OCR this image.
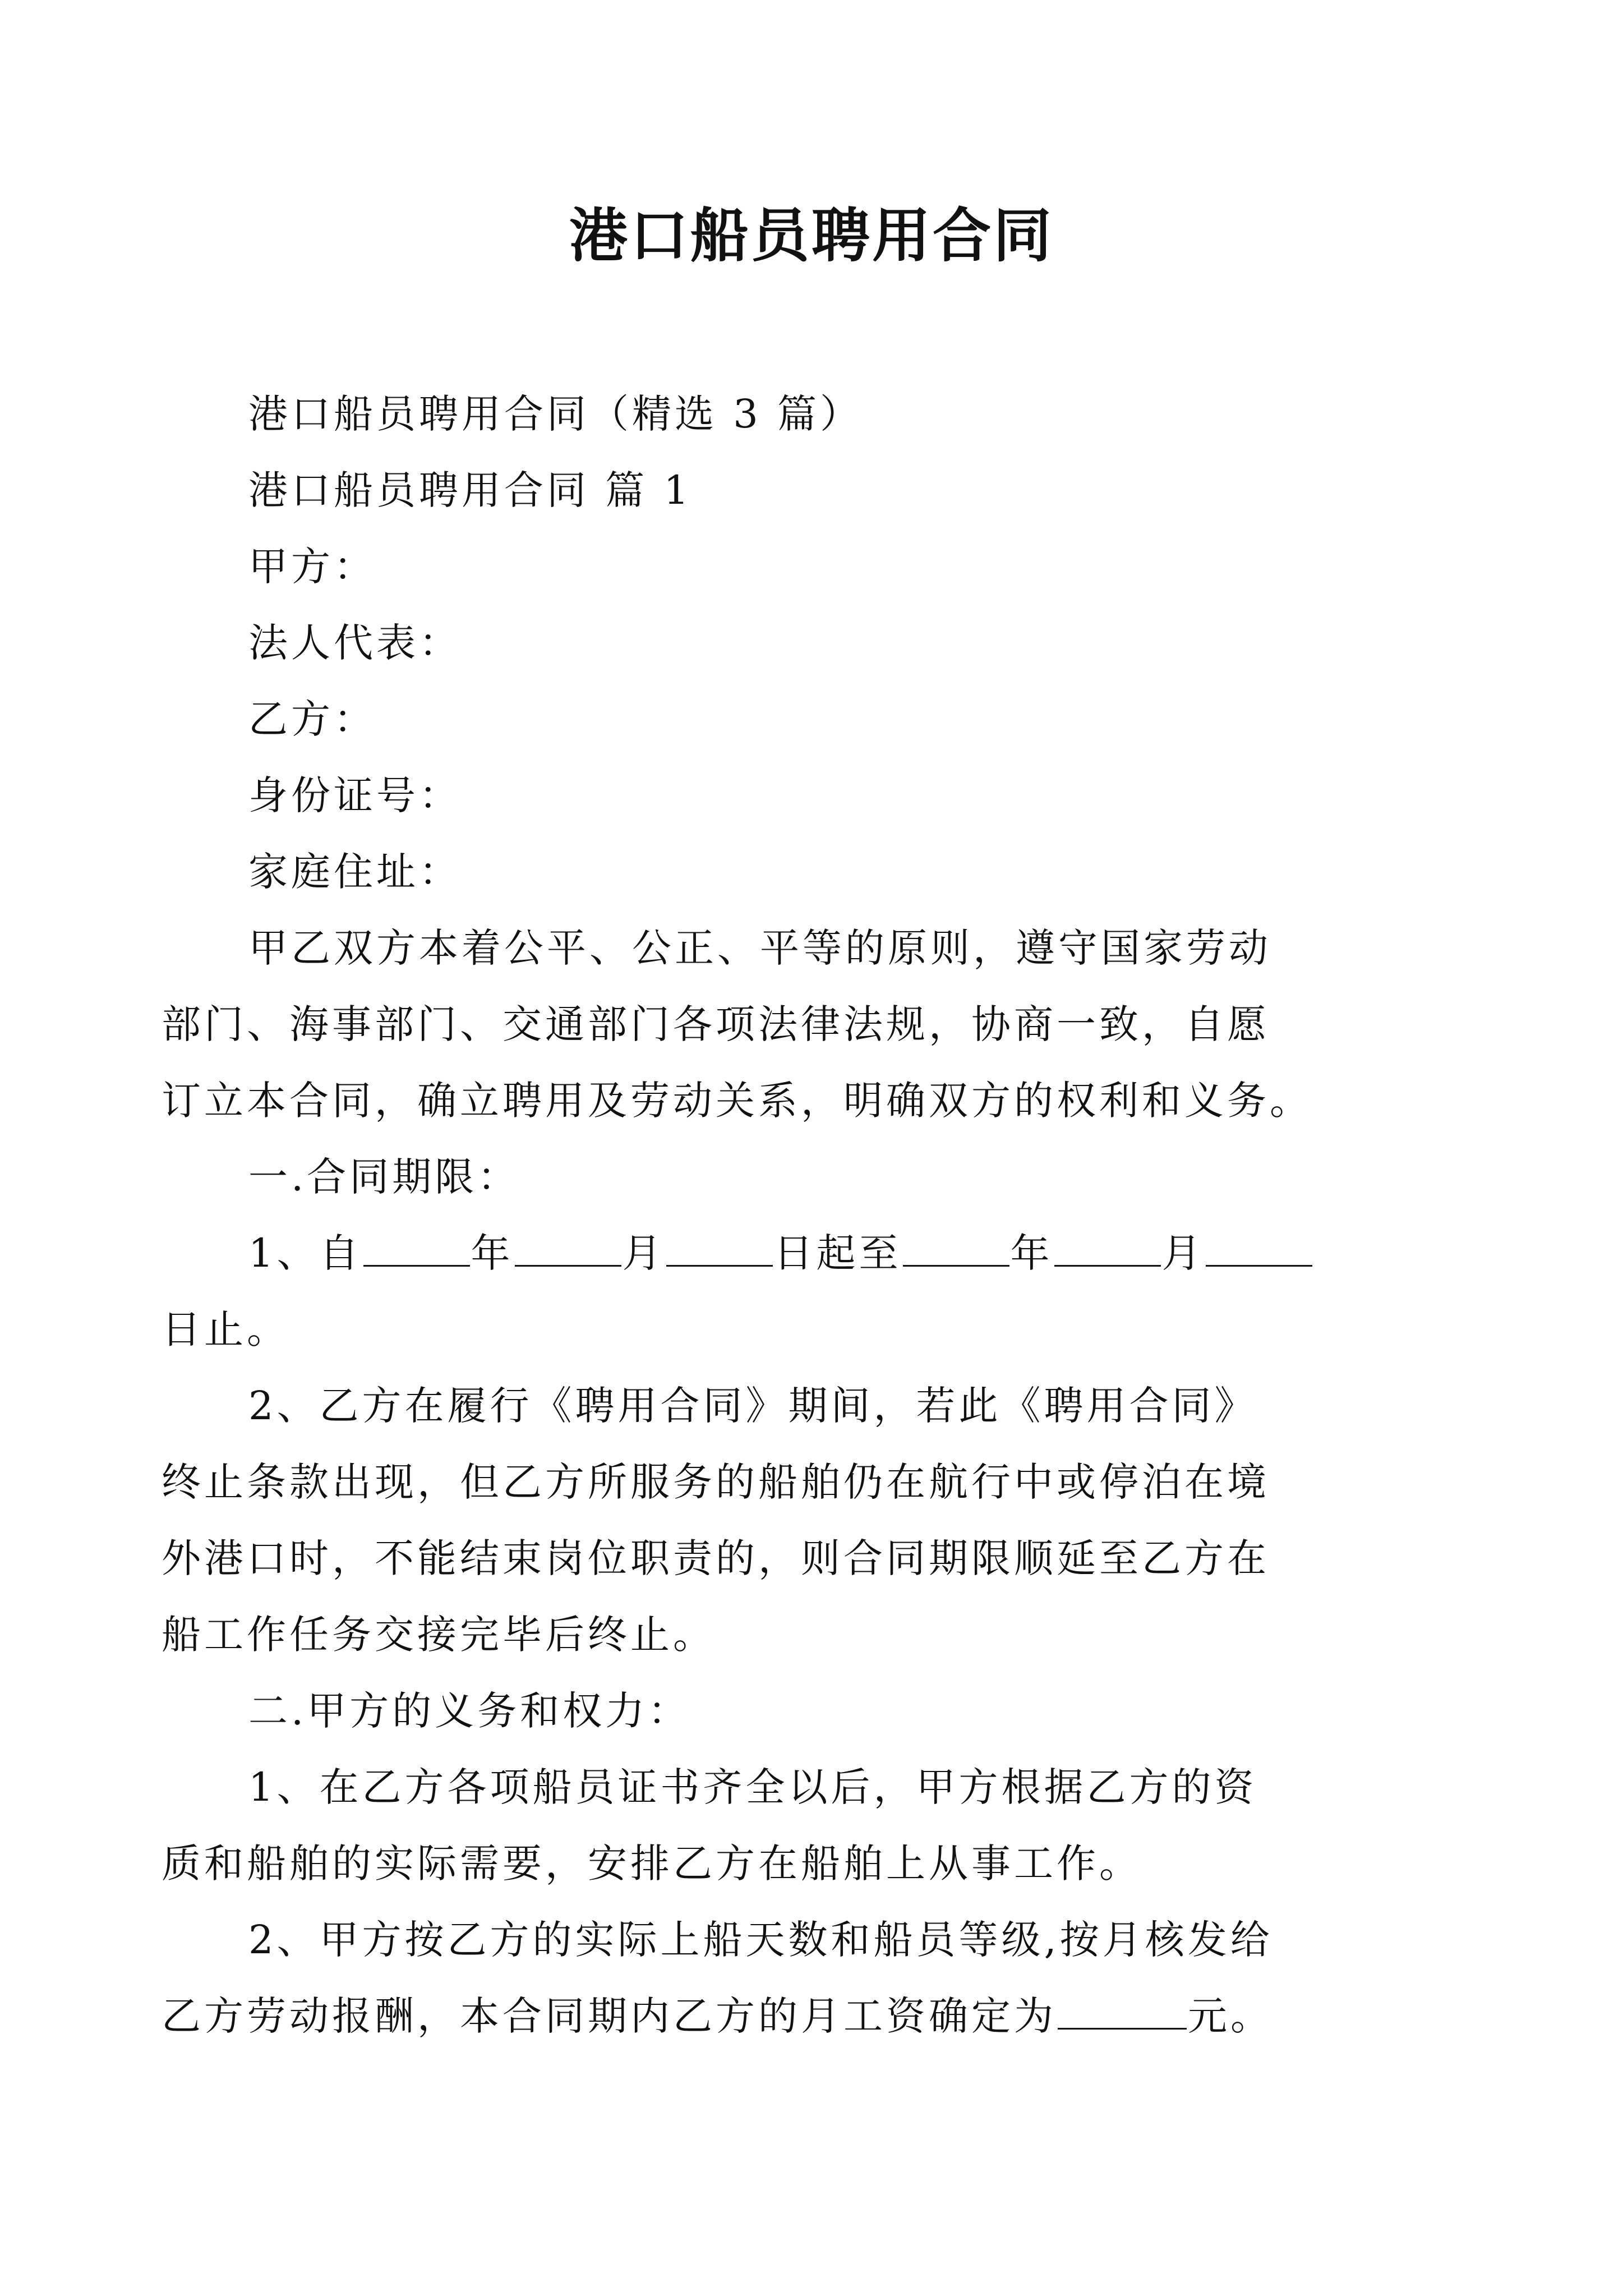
港口船员聘用合同
港口船员聘用合同（精选 3 篇）
港口船员聘用合同 篇 1
甲方：
法人代表：
乙方：
身份证号：
家庭住址：
甲乙双方本着公平、公正、平等的原则，遵守国家劳动
部门、海事部门、交通部门各项法律法规，协商一致，自愿
订立本合同，确立聘用及劳动关系，明确双方的权利和义务。
一.合同期限：
1、自	年	月	日起至	年	月
日止。
2、乙方在履行《聘用合同》期间，若此《聘用合同》
终止条款出现，但乙方所服务的船舶仍在航行中或停泊在境
外港口时，不能结束岗位职责的，则合同期限顺延至乙方在
船工作任务交接完毕后终止。
二.甲方的义务和权力：
1、在乙方各项船员证书齐全以后，甲方根据乙方的资
质和船舶的实际需要，安排乙方在船舶上从事工作。
2、甲方按乙方的实际上船天数和船员等级,按月核发给
乙方劳动报酬，本合同期内乙方的月工资确定为	元。
